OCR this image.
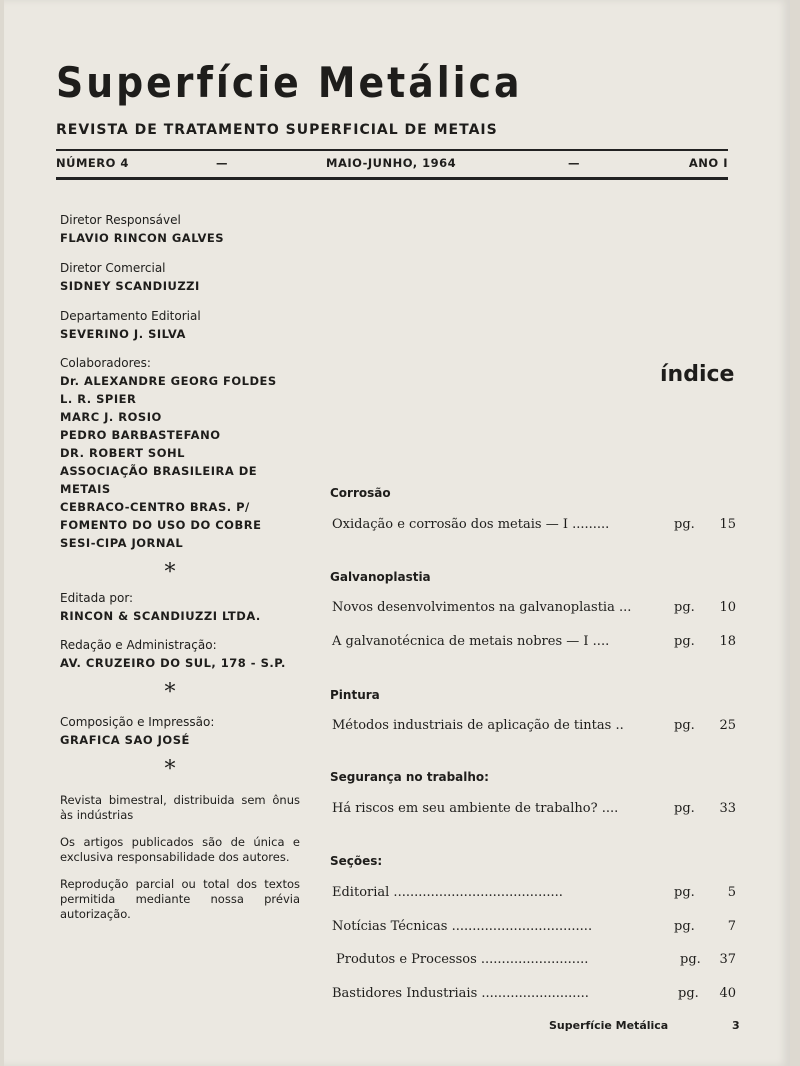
Superfície Metálica
REVISTA DE TRATAMENTO SUPERFICIAL DE METAIS
NÚMERO 4	—	MAIO-JUNHO, 1964	—	ANO I
Diretor Responsável
FLAVIO RINCON GALVES
Diretor Comercial
SIDNEY SCANDIUZZI
Departamento Editorial
SEVERINO J. SILVA
Colaboradores:
Dr. ALEXANDRE GEORG FOLDES
L. R. SPIER
MARC J. ROSIO
PEDRO BARBASTEFANO
DR. ROBERT SOHL
ASSOCIAÇÃO BRASILEIRA DE METAIS
CEBRACO-CENTRO BRAS. P/ FOMENTO DO USO DO COBRE
SESI-CIPA JORNAL
*
Editada por:
RINCON & SCANDIUZZI LTDA.
Redação e Administração:
AV. CRUZEIRO DO SUL, 178 - S.P.
*
Composição e Impressão:
GRAFICA SAO JOSÉ
*
Revista bimestral, distribuida sem ônus às indústrias
Os artigos publicados são de única e exclusiva responsabilidade dos autores.
Reprodução parcial ou total dos textos permitida mediante nossa prévia autorização.
índice
Corrosão
Oxidação e corrosão dos metais — I .........	pg. 15
Galvanoplastia
Novos desenvolvimentos na galvanoplastia ...	pg. 10
A galvanotécnica de metais nobres — I ....	pg. 18
Pintura
Métodos industriais de aplicação de tintas ..	pg. 25
Segurança no trabalho:
Há riscos em seu ambiente de trabalho? ....	pg. 33
Seções:
Editorial .........................................	pg.	5
Notícias Técnicas ..................................	pg.	7
Produtos e Processos ..........................	pg. 37
Bastidores Industriais ..........................	pg. 40
Superfície Metálica	3
